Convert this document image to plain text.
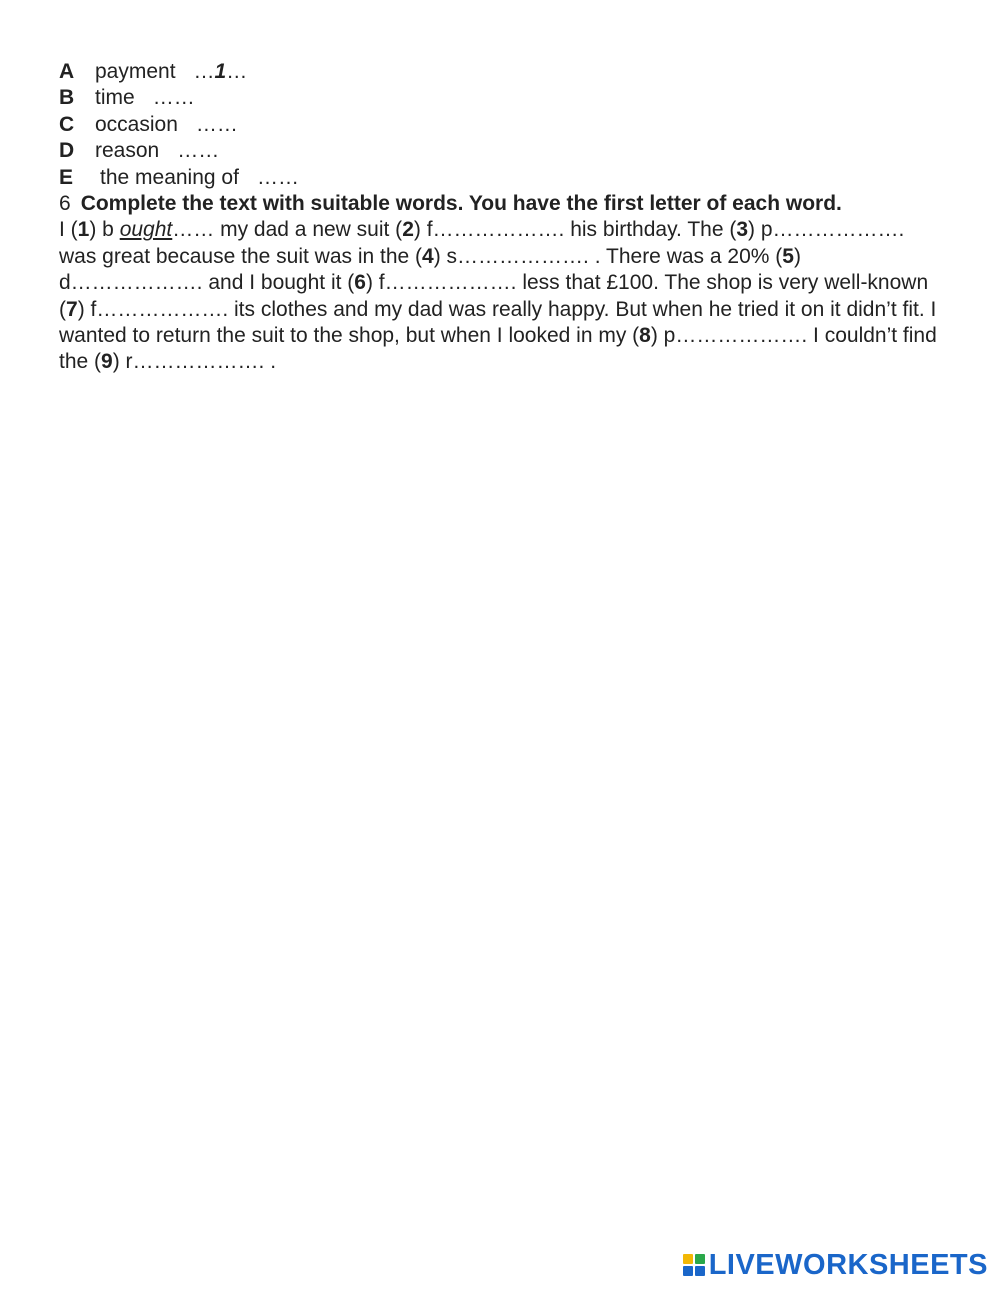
A payment …1…
B time ……
C occasion ……
D reason ……
E the meaning of ……
6 Complete the text with suitable words. You have the first letter of each word.
I (1) b ought…… my dad a new suit (2) f………………. his birthday. The (3) p………………. was great because the suit was in the (4) s………………. . There was a 20% (5) d………………. and I bought it (6) f………………. less that £100. The shop is very well-known (7) f………………. its clothes and my dad was really happy. But when he tried it on it didn’t fit. I wanted to return the suit to the shop, but when I looked in my (8) p………………. I couldn’t find the (9) r………………. .
LIVEWORKSHEETS
